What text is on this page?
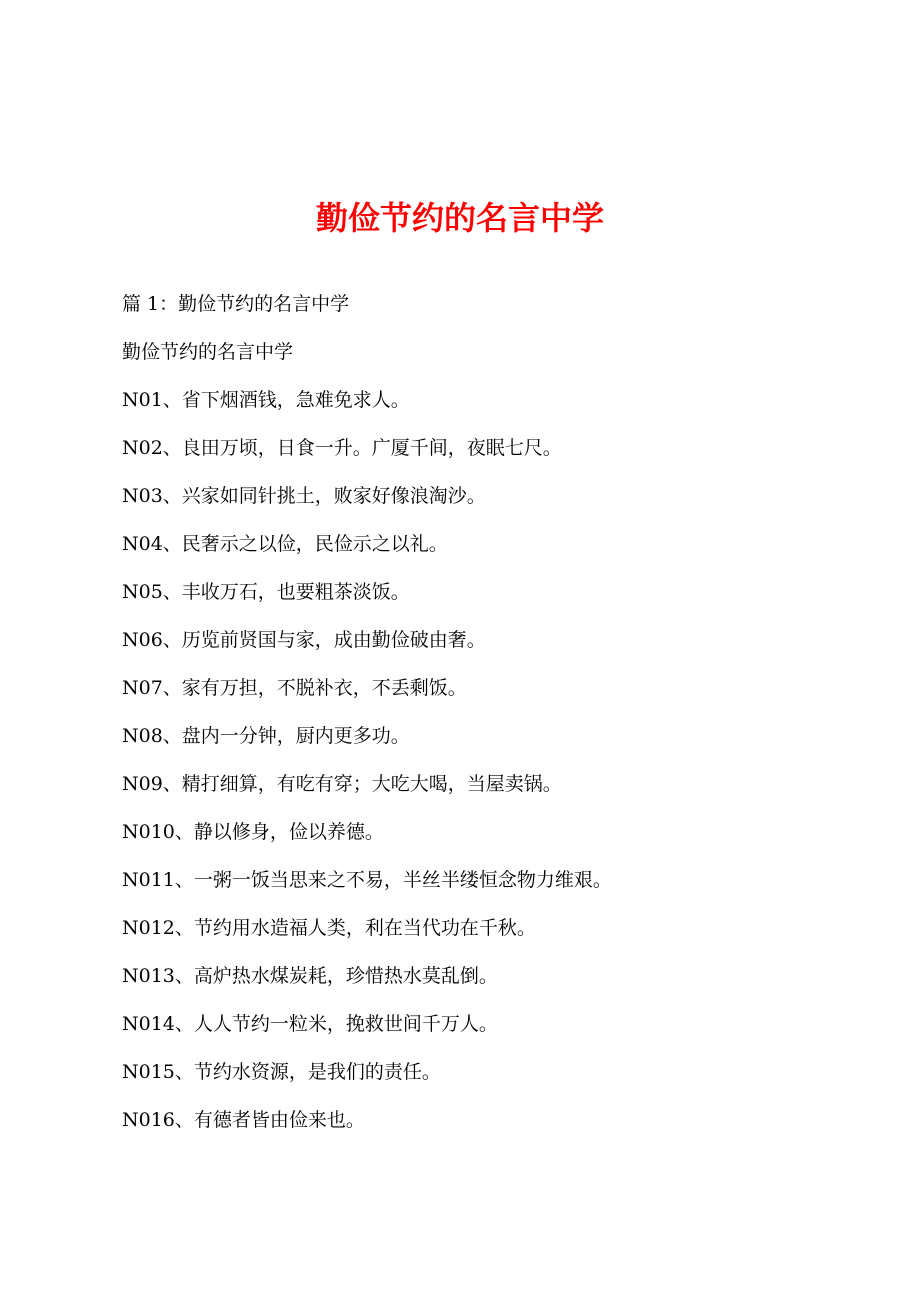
勤俭节约的名言中学
篇 1：勤俭节约的名言中学
勤俭节约的名言中学
N01、省下烟酒钱，急难免求人。
N02、良田万顷，日食一升。广厦千间，夜眠七尺。
N03、兴家如同针挑土，败家好像浪淘沙。
N04、民奢示之以俭，民俭示之以礼。
N05、丰收万石，也要粗茶淡饭。
N06、历览前贤国与家，成由勤俭破由奢。
N07、家有万担，不脱补衣，不丢剩饭。
N08、盘内一分钟，厨内更多功。
N09、精打细算，有吃有穿；大吃大喝，当屋卖锅。
N010、静以修身，俭以养德。
N011、一粥一饭当思来之不易，半丝半缕恒念物力维艰。
N012、节约用水造福人类，利在当代功在千秋。
N013、高炉热水煤炭耗，珍惜热水莫乱倒。
N014、人人节约一粒米，挽救世间千万人。
N015、节约水资源，是我们的责任。
N016、有德者皆由俭来也。
